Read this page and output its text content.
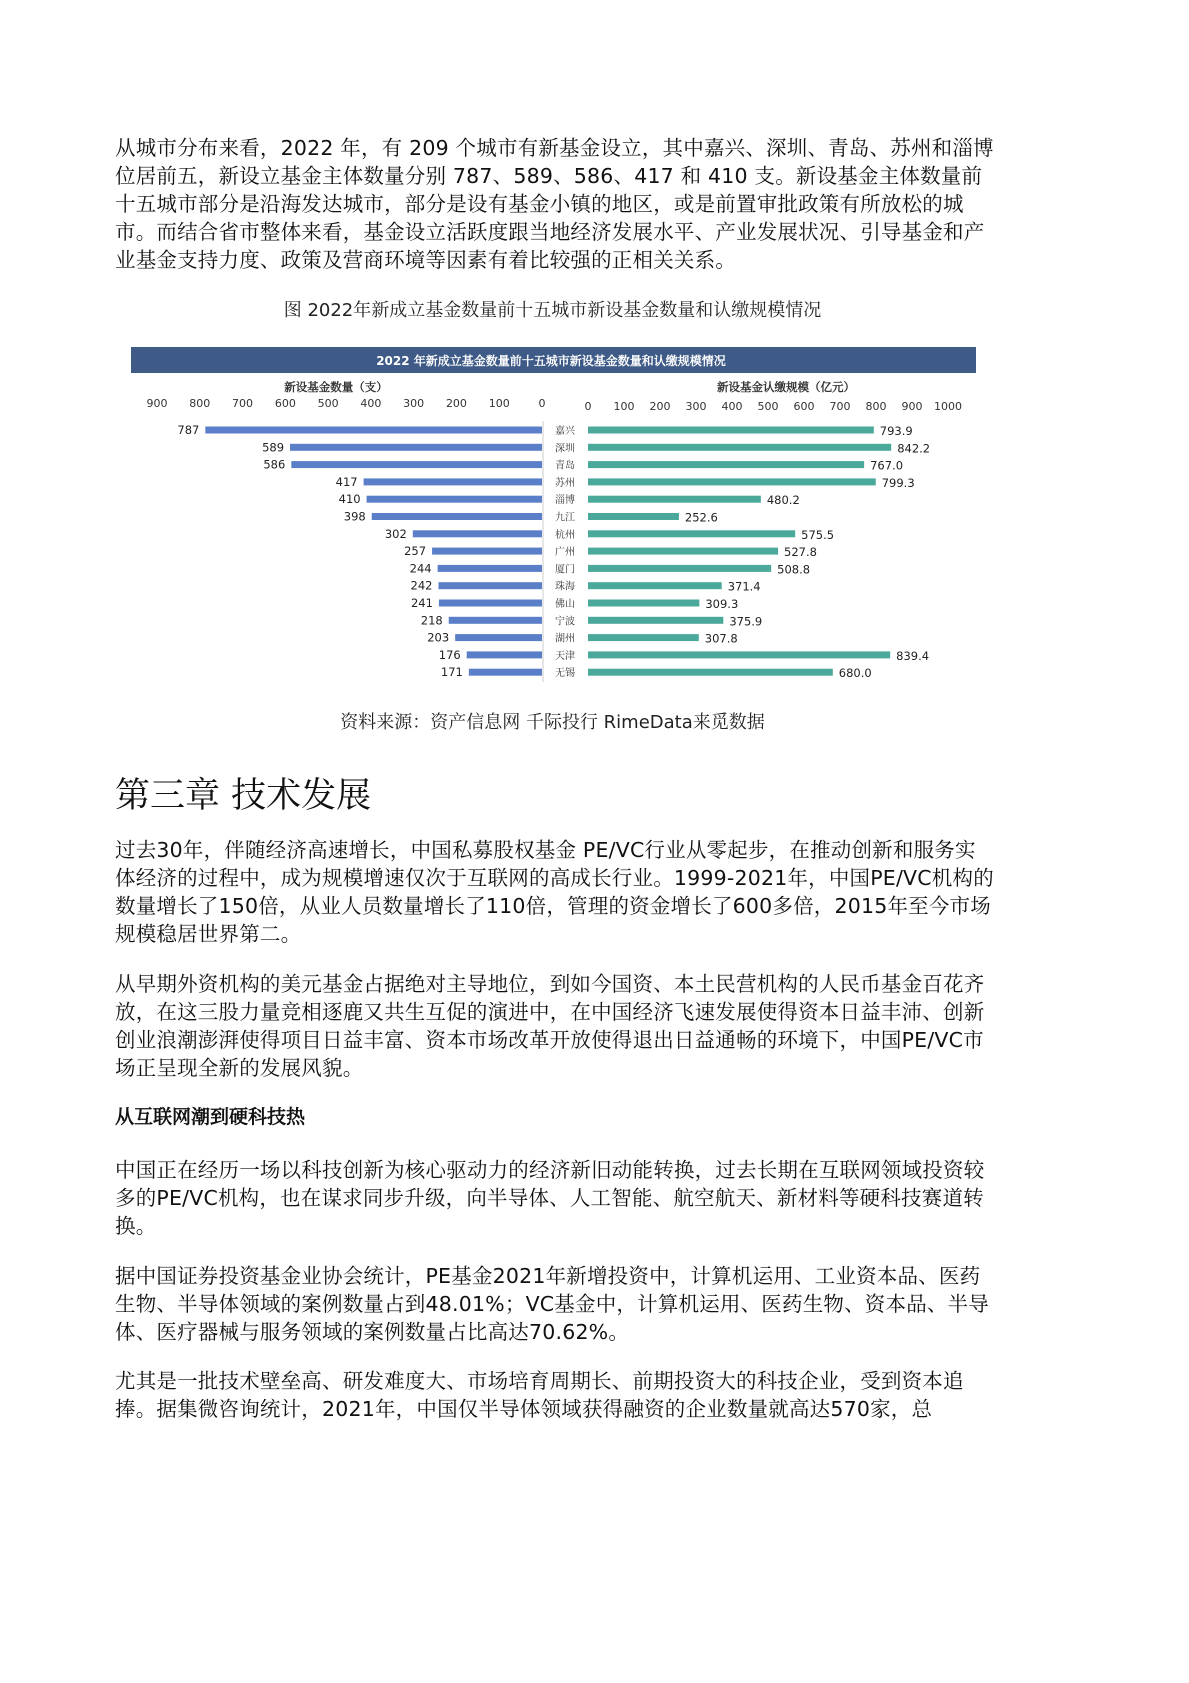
从城市分布来看，2022 年，有 209 个城市有新基金设立，其中嘉兴、深圳、青岛、苏州和淄博位居前五，新设立基金主体数量分别 787、589、586、417 和 410 支。新设基金主体数量前十五城市部分是沿海发达城市，部分是设有基金小镇的地区，或是前置审批政策有所放松的城市。而结合省市整体来看，基金设立活跃度跟当地经济发展水平、产业发展状况、引导基金和产业基金支持力度、政策及营商环境等因素有着比较强的正相关关系。

图 2022年新成立基金数量前十五城市新设基金数量和认缴规模情况
2022 年新成立基金数量前十五城市新设基金数量和认缴规模情况
新设基金数量（支）	新设基金认缴规模（亿元）
900 800 700 600 500 400 300 200 100	0	0 100 200 300 400 500 600 700 800 900 1000
787	嘉兴	793.9
589	深圳	842.2
586	青岛	767.0
417	苏州	799.3
410	淄博	480.2
398	九江	252.6
302	杭州	575.5
257	广州	527.8
244	厦门	508.8
242	珠海	371.4
241	佛山	309.3
218	宁波	375.9
203	湖州	307.8
176	天津	839.4
171	无锡	680.0
资料来源：资产信息网 千际投行 RimeData来觅数据
第三章 技术发展

过去30年，伴随经济高速增长，中国私募股权基金 PE/VC行业从零起步，在推动创新和服务实体经济的过程中，成为规模增速仅次于互联网的高成长行业。1999-2021年，中国PE/VC机构的数量增长了150倍，从业人员数量增长了110倍，管理的资金增长了600多倍，2015年至今市场规模稳居世界第二。

从早期外资机构的美元基金占据绝对主导地位，到如今国资、本土民营机构的人民币基金百花齐放，在这三股力量竞相逐鹿又共生互促的演进中，在中国经济飞速发展使得资本日益丰沛、创新创业浪潮澎湃使得项目日益丰富、资本市场改革开放使得退出日益通畅的环境下，中国PE/VC市场正呈现全新的发展风貌。

从互联网潮到硬科技热

中国正在经历一场以科技创新为核心驱动力的经济新旧动能转换，过去长期在互联网领域投资较多的PE/VC机构，也在谋求同步升级，向半导体、人工智能、航空航天、新材料等硬科技赛道转换。

据中国证券投资基金业协会统计，PE基金2021年新增投资中，计算机运用、工业资本品、医药生物、半导体领域的案例数量占到48.01%；VC基金中，计算机运用、医药生物、资本品、半导体、医疗器械与服务领域的案例数量占比高达70.62%。

尤其是一批技术壁垒高、研发难度大、市场培育周期长、前期投资大的科技企业，受到资本追捧。据集微咨询统计，2021年，中国仅半导体领域获得融资的企业数量就高达570家，总
